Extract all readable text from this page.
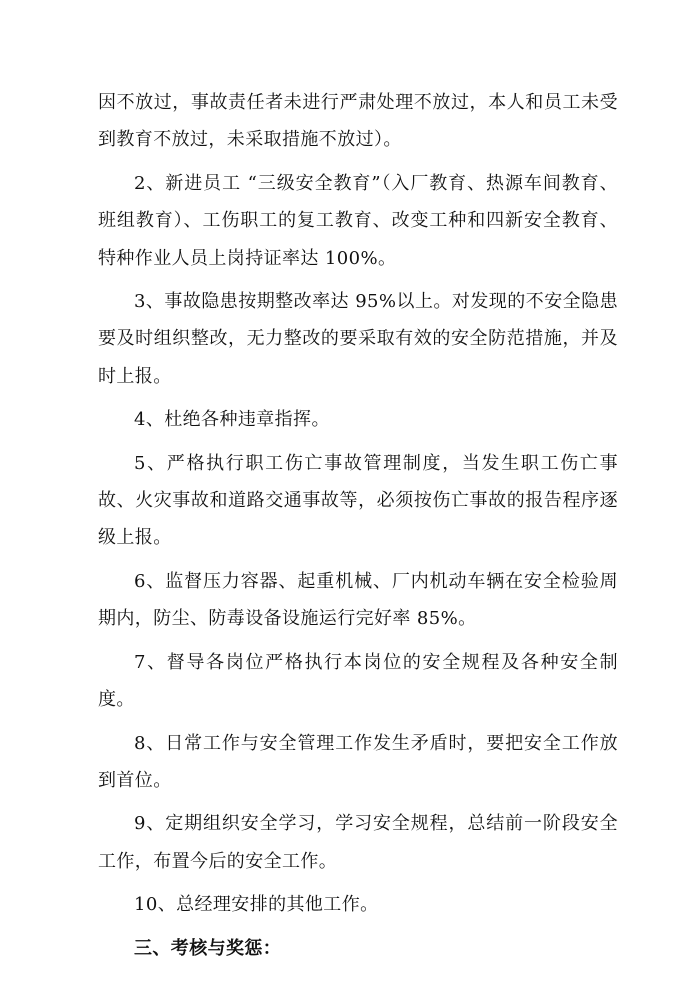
因不放过，事故责任者未进行严肃处理不放过，本人和员工未受到教育不放过，未采取措施不放过）。

2、新进员工 “三级安全教育”（入厂教育、热源车间教育、班组教育）、工伤职工的复工教育、改变工种和四新安全教育、特种作业人员上岗持证率达 100%。

3、事故隐患按期整改率达 95%以上。对发现的不安全隐患要及时组织整改，无力整改的要采取有效的安全防范措施，并及时上报。

4、杜绝各种违章指挥。

5、严格执行职工伤亡事故管理制度，当发生职工伤亡事故、火灾事故和道路交通事故等，必须按伤亡事故的报告程序逐级上报。

6、监督压力容器、起重机械、厂内机动车辆在安全检验周期内，防尘、防毒设备设施运行完好率 85%。

7、督导各岗位严格执行本岗位的安全规程及各种安全制度。

8、日常工作与安全管理工作发生矛盾时，要把安全工作放到首位。

9、定期组织安全学习，学习安全规程，总结前一阶段安全工作，布置今后的安全工作。

10、总经理安排的其他工作。

三、考核与奖惩：
